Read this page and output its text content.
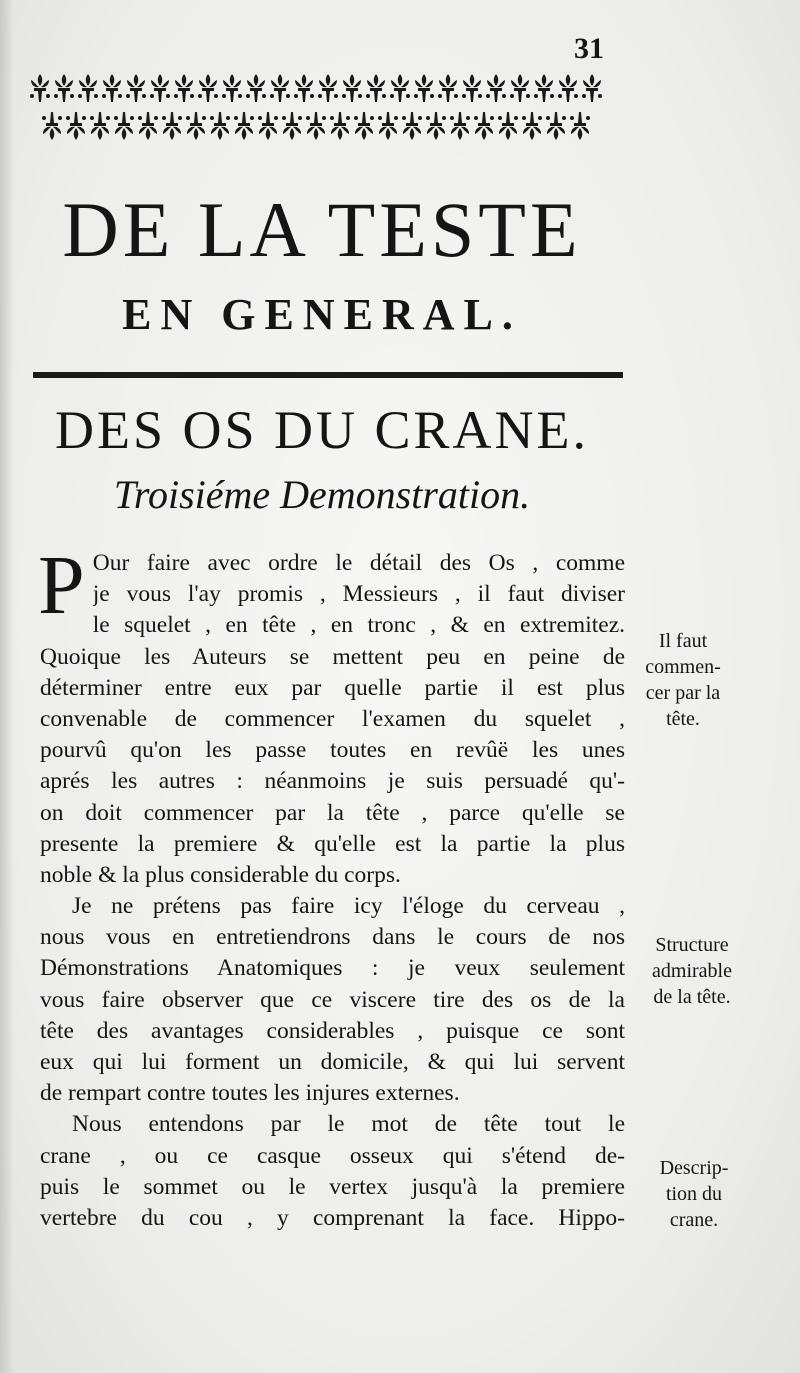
31
DE LA TESTE
EN GENERAL.
DES OS DU CRANE.
Troisiéme Demonstration.
P Our faire avec ordre le détail des Os , comme
je vous l'ay promis , Messieurs , il faut diviser
le squelet , en tête , en tronc , & en extremitez.
Quoique les Auteurs se mettent peu en peine de
déterminer entre eux par quelle partie il est plus
convenable de commencer l'examen du squelet ,
pourvû qu'on les passe toutes en revûë les unes
aprés les autres : néanmoins je suis persuadé qu'-
on doit commencer par la tête , parce qu'elle se
presente la premiere & qu'elle est la partie la plus
noble & la plus considerable du corps.
Je ne prétens pas faire icy l'éloge du cerveau ,
nous vous en entretiendrons dans le cours de nos
Démonstrations Anatomiques : je veux seulement
vous faire observer que ce viscere tire des os de la
tête des avantages considerables , puisque ce sont
eux qui lui forment un domicile, & qui lui servent
de rempart contre toutes les injures externes.
Nous entendons par le mot de tête tout le
crane , ou ce casque osseux qui s'étend de-
puis le sommet ou le vertex jusqu'à la premiere
vertebre du cou , y comprenant la face. Hippo-
Il faut
commen-
cer par la
tête.
Structure
admirable
de la tête.
Descrip-
tion du
crane.
